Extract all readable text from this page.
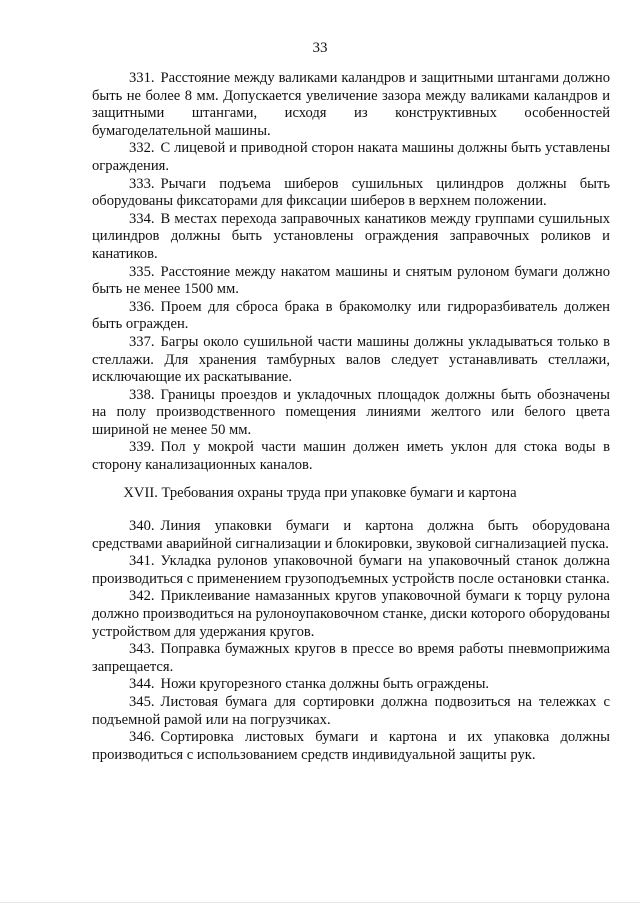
33

331. Расстояние между валиками каландров и защитными штангами должно быть не более 8 мм. Допускается увеличение зазора между валиками каландров и защитными штангами, исходя из конструктивных особенностей бумагоделательной машины.

332. С лицевой и приводной сторон наката машины должны быть уставлены ограждения.

333. Рычаги подъема шиберов сушильных цилиндров должны быть оборудованы фиксаторами для фиксации шиберов в верхнем положении.

334. В местах перехода заправочных канатиков между группами сушильных цилиндров должны быть установлены ограждения заправочных роликов и канатиков.

335. Расстояние между накатом машины и снятым рулоном бумаги должно быть не менее 1500 мм.

336. Проем для сброса брака в бракомолку или гидроразбиватель должен быть огражден.

337. Багры около сушильной части машины должны укладываться только в стеллажи. Для хранения тамбурных валов следует устанавливать стеллажи, исключающие их раскатывание.

338. Границы проездов и укладочных площадок должны быть обозначены на полу производственного помещения линиями желтого или белого цвета шириной не менее 50 мм.

339. Пол у мокрой части машин должен иметь уклон для стока воды в сторону канализационных каналов.

XVII. Требования охраны труда при упаковке бумаги и картона

340. Линия упаковки бумаги и картона должна быть оборудована средствами аварийной сигнализации и блокировки, звуковой сигнализацией пуска.

341. Укладка рулонов упаковочной бумаги на упаковочный станок должна производиться с применением грузоподъемных устройств после остановки станка.

342. Приклеивание намазанных кругов упаковочной бумаги к торцу рулона должно производиться на рулоноупаковочном станке, диски которого оборудованы устройством для удержания кругов.

343. Поправка бумажных кругов в прессе во время работы пневмоприжима запрещается.

344. Ножи кругорезного станка должны быть ограждены.

345. Листовая бумага для сортировки должна подвозиться на тележках с подъемной рамой или на погрузчиках.

346. Сортировка листовых бумаги и картона и их упаковка должны производиться с использованием средств индивидуальной защиты рук.
